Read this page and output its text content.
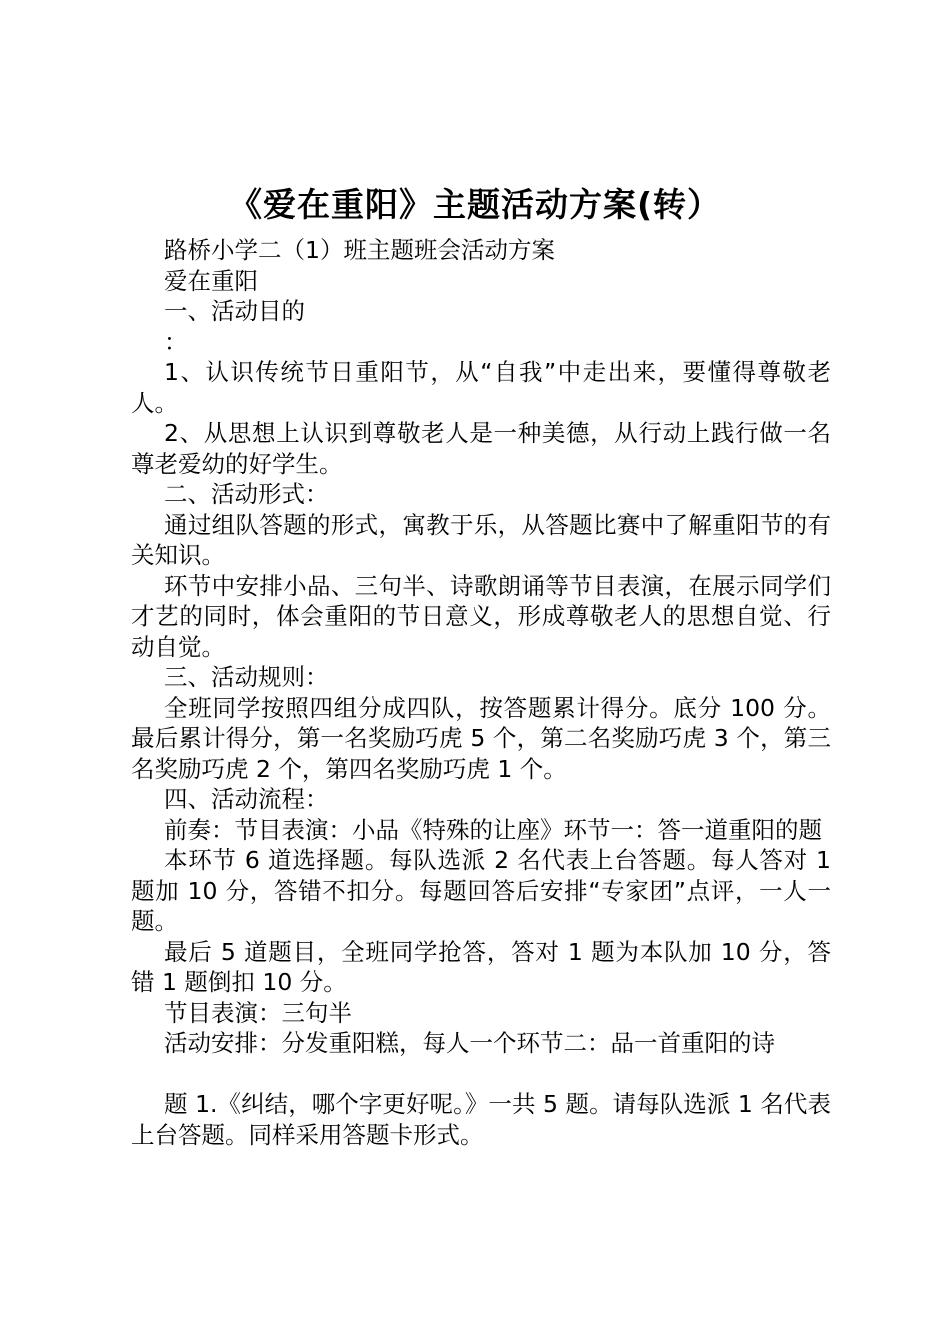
《爱在重阳》主题活动方案(转）

路桥小学二（1）班主题班会活动方案

爱在重阳

一、活动目的

：

1、认识传统节日重阳节，从“自我”中走出来，要懂得尊敬老人。

2、从思想上认识到尊敬老人是一种美德，从行动上践行做一名尊老爱幼的好学生。

二、活动形式：

通过组队答题的形式，寓教于乐，从答题比赛中了解重阳节的有关知识。

环节中安排小品、三句半、诗歌朗诵等节目表演，在展示同学们才艺的同时，体会重阳的节日意义，形成尊敬老人的思想自觉、行动自觉。

三、活动规则：

全班同学按照四组分成四队，按答题累计得分。底分 100 分。最后累计得分，第一名奖励巧虎 5 个，第二名奖励巧虎 3 个，第三名奖励巧虎 2 个，第四名奖励巧虎 1 个。

四、活动流程：

前奏：节目表演：小品《特殊的让座》环节一：答一道重阳的题

本环节 6 道选择题。每队选派 2 名代表上台答题。每人答对 1 题加 10 分，答错不扣分。每题回答后安排“专家团”点评，一人一题。

最后 5 道题目，全班同学抢答，答对 1 题为本队加 10 分，答错 1 题倒扣 10 分。

节目表演：三句半

活动安排：分发重阳糕，每人一个环节二：品一首重阳的诗

题 1.《纠结，哪个字更好呢。》一共 5 题。请每队选派 1 名代表上台答题。同样采用答题卡形式。
